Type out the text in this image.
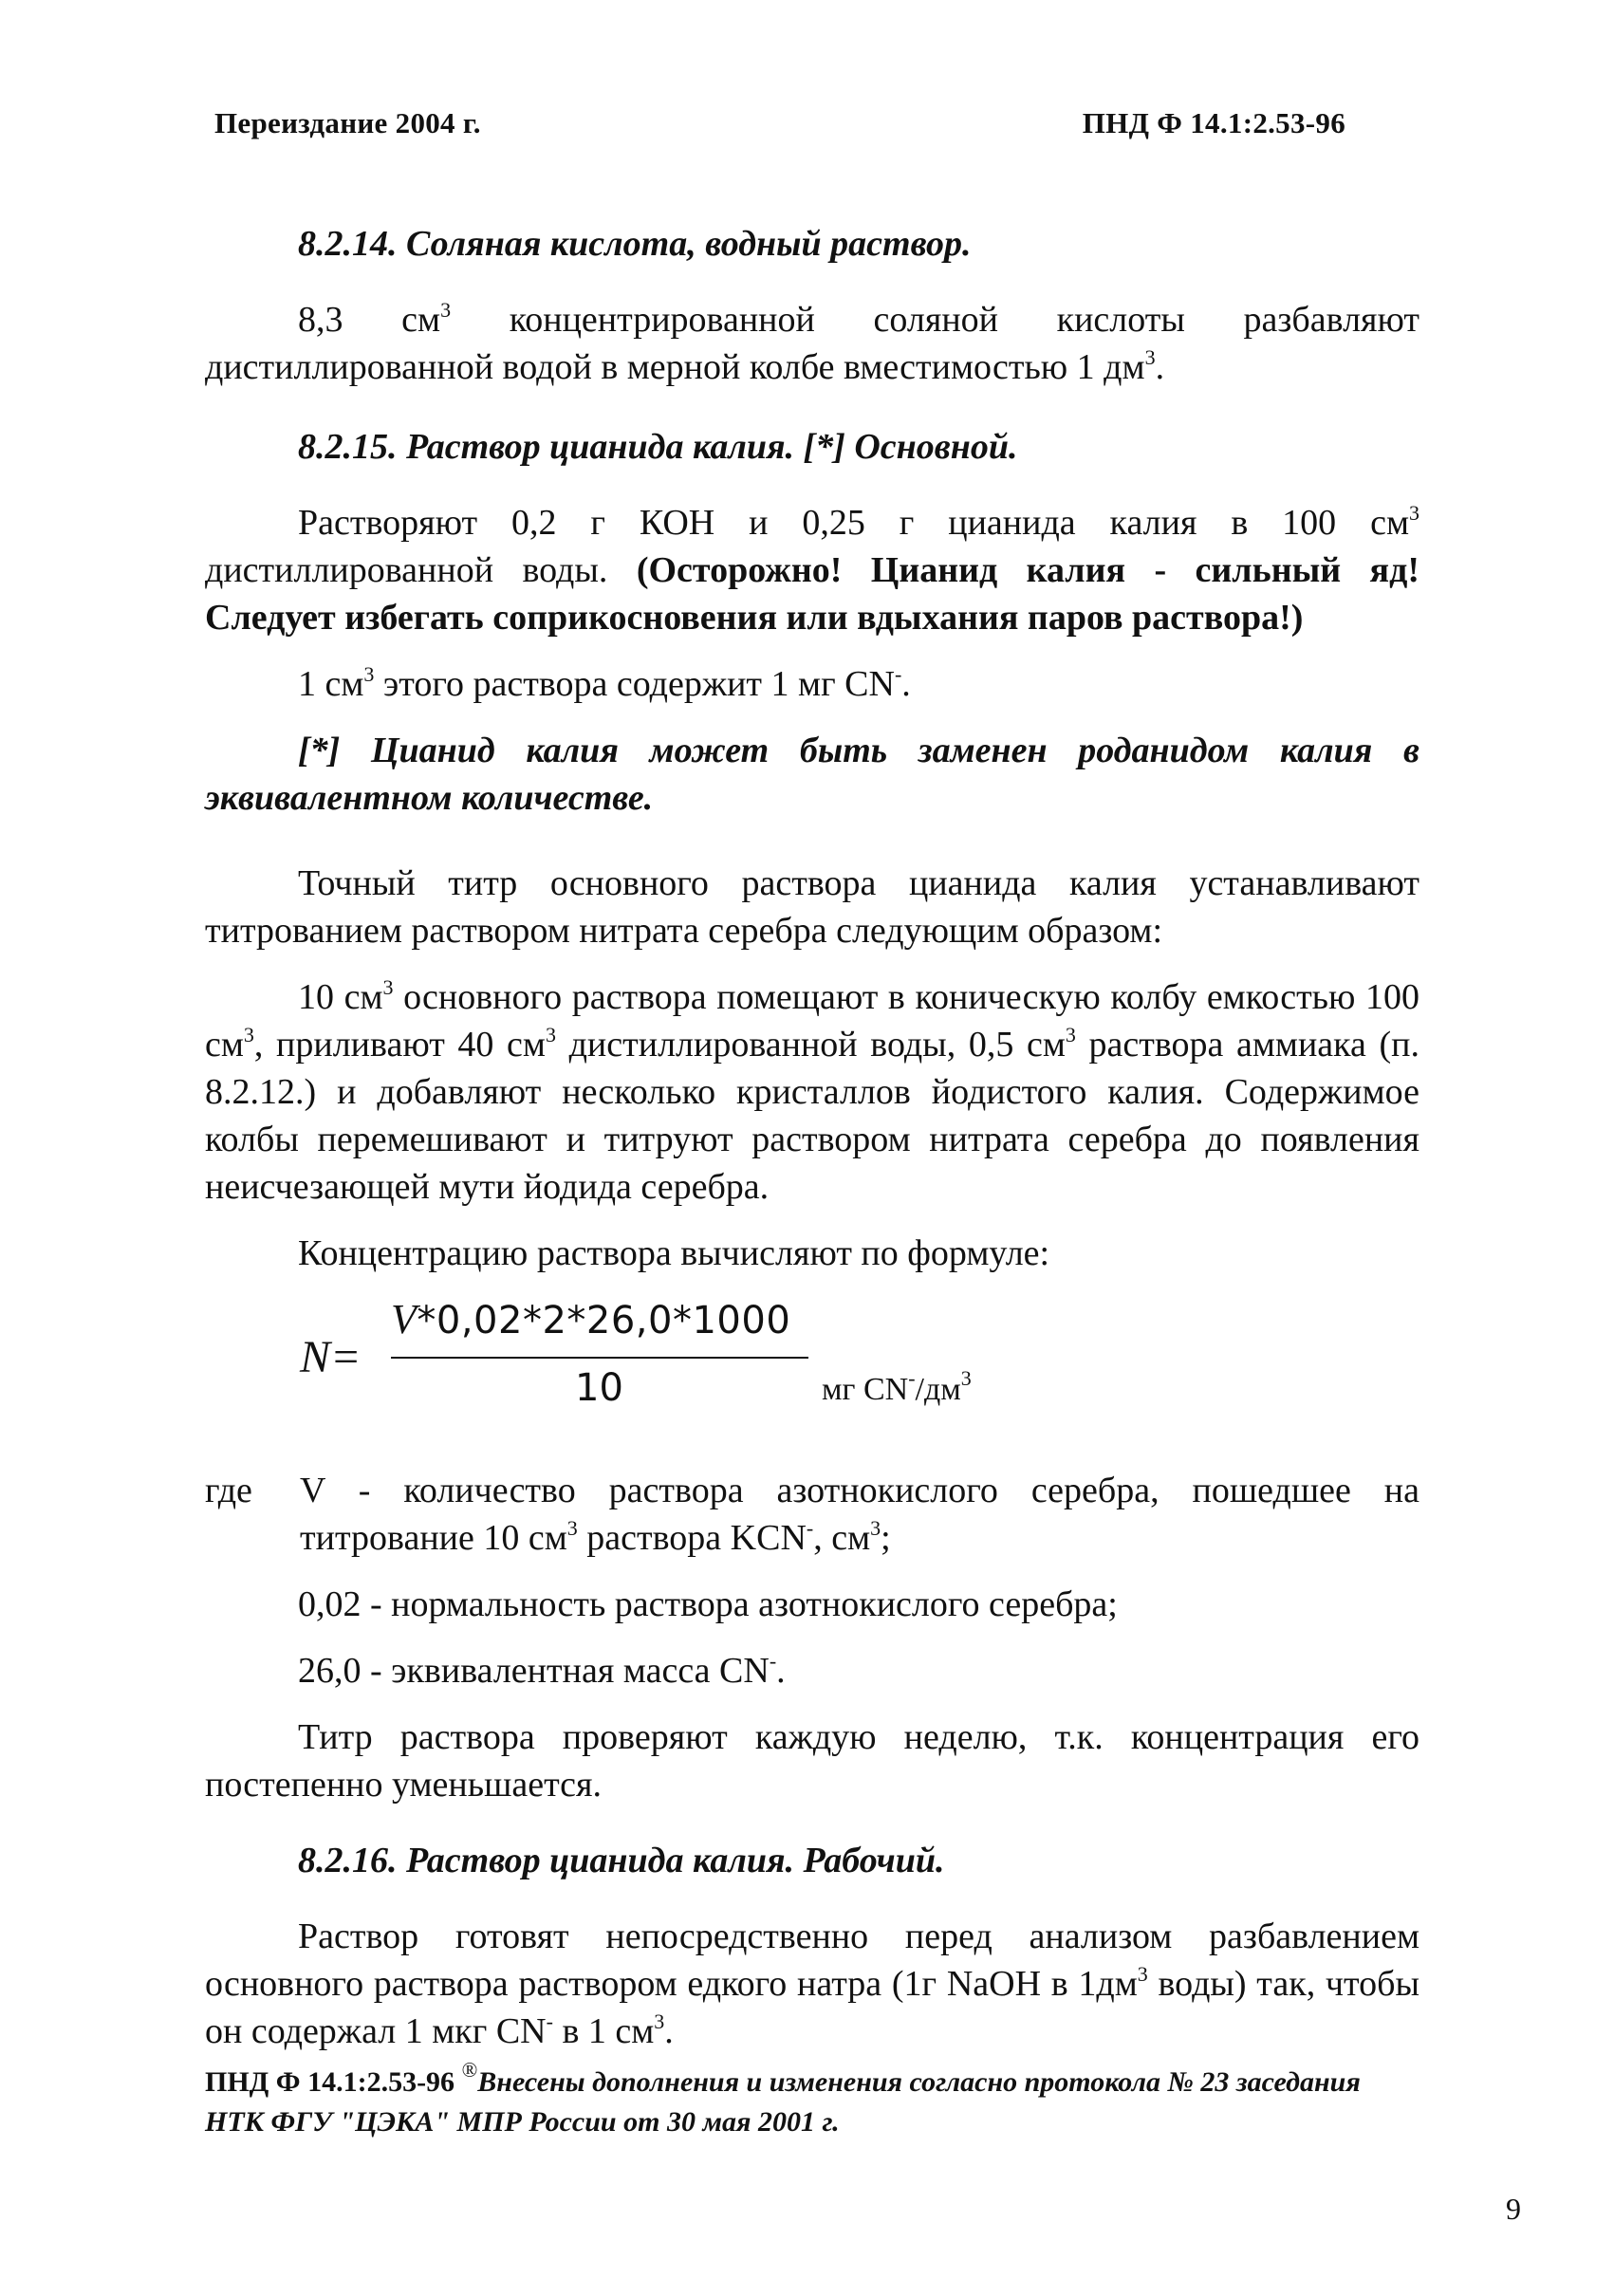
Переиздание 2004 г.	ПНД Ф 14.1:2.53-96

8.2.14. Соляная кислота, водный раствор.

8,3 $см^3$ концентрированной соляной кислоты разбавляют дистиллированной водой в мерной колбе вместимостью 1 $дм^3$.

8.2.15. Раствор цианида калия. [*] Основной.

Растворяют 0,2 г КОН и 0,25 г цианида калия в 100 $см^3$ дистиллированной воды. (Осторожно! Цианид калия - сильный яд! Следует избегать соприкосновения или вдыхания паров раствора!)

1 $см^3$ этого раствора содержит 1 мг CN-.

[*] Цианид калия может быть заменен роданидом калия в эквивалентном количестве.

Точный титр основного раствора цианида калия устанавливают титрованием раствором нитрата серебра следующим образом:

10 $см^3$ основного раствора помещают в коническую колбу емкостью 100 $см^3$, приливают 40 $см^3$ дистиллированной воды, 0,5 $см^3$ раствора аммиака (п. 8.2.12.) и добавляют несколько кристаллов йодистого калия. Содержимое колбы перемешивают и титруют раствором нитрата серебра до появления неисчезающей мути йодида серебра.

Концентрацию раствора вычисляют по формуле:

N=
V*0,02*2*26,0*1000
10	мг $CN^-/дм^3$
где	V - количество раствора азотнокислого серебра, пошедшее на титрование 10 $см^3$ раствора KCN-, $см^3$;

0,02 - нормальность раствора азотнокислого серебра;

26,0 - эквивалентная масса CN-.

Титр раствора проверяют каждую неделю, т.к. концентрация его постепенно уменьшается.

8.2.16. Раствор цианида калия. Рабочий.

Раствор готовят непосредственно перед анализом разбавлением основного раствора раствором едкого натра (1г NaOH в $1дм^3$ воды) так, чтобы он содержал 1 мкг CN- в 1 $см^3$.

ПНД Ф 14.1:2.53-96 ®Внесены дополнения и изменения согласно протокола № 23 заседания НТК ФГУ "ЦЭКА" МПР России от 30 мая 2001 г.
9
